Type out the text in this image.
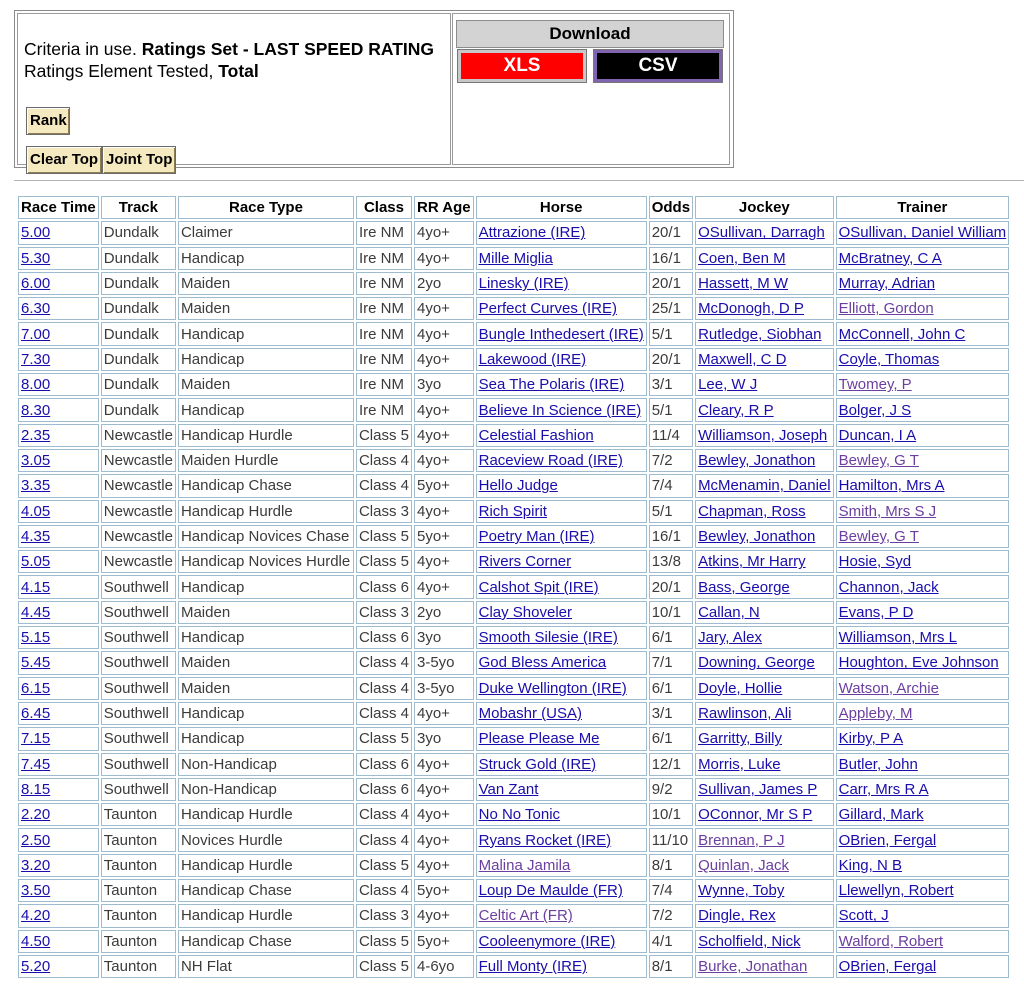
Criteria in use. Ratings Set - LAST SPEED RATING
Ratings Element Tested, Total
Rank
Clear Top Joint Top
Download
XLS	CSV
Race Time	Track	Race Type	Class	RR Age	Horse	Odds	Jockey	Trainer
5.00	Dundalk	Claimer	Ire NM	4yo+	Attrazione (IRE)	20/1	OSullivan, Darragh	OSullivan, Daniel William
5.30	Dundalk	Handicap	Ire NM	4yo+	Mille Miglia	16/1	Coen, Ben M	McBratney, C A
6.00	Dundalk	Maiden	Ire NM	2yo	Linesky (IRE)	20/1	Hassett, M W	Murray, Adrian
6.30	Dundalk	Maiden	Ire NM	4yo+	Perfect Curves (IRE)	25/1	McDonogh, D P	Elliott, Gordon
7.00	Dundalk	Handicap	Ire NM	4yo+	Bungle Inthedesert (IRE)	5/1	Rutledge, Siobhan	McConnell, John C
7.30	Dundalk	Handicap	Ire NM	4yo+	Lakewood (IRE)	20/1	Maxwell, C D	Coyle, Thomas
8.00	Dundalk	Maiden	Ire NM	3yo	Sea The Polaris (IRE)	3/1	Lee, W J	Twomey, P
8.30	Dundalk	Handicap	Ire NM	4yo+	Believe In Science (IRE)	5/1	Cleary, R P	Bolger, J S
2.35	Newcastle	Handicap Hurdle	Class 5	4yo+	Celestial Fashion	11/4	Williamson, Joseph	Duncan, I A
3.05	Newcastle	Maiden Hurdle	Class 4	4yo+	Raceview Road (IRE)	7/2	Bewley, Jonathon	Bewley, G T
3.35	Newcastle	Handicap Chase	Class 4	5yo+	Hello Judge	7/4	McMenamin, Daniel	Hamilton, Mrs A
4.05	Newcastle	Handicap Hurdle	Class 3	4yo+	Rich Spirit	5/1	Chapman, Ross	Smith, Mrs S J
4.35	Newcastle	Handicap Novices Chase	Class 5	5yo+	Poetry Man (IRE)	16/1	Bewley, Jonathon	Bewley, G T
5.05	Newcastle	Handicap Novices Hurdle	Class 5	4yo+	Rivers Corner	13/8	Atkins, Mr Harry	Hosie, Syd
4.15	Southwell	Handicap	Class 6	4yo+	Calshot Spit (IRE)	20/1	Bass, George	Channon, Jack
4.45	Southwell	Maiden	Class 3	2yo	Clay Shoveler	10/1	Callan, N	Evans, P D
5.15	Southwell	Handicap	Class 6	3yo	Smooth Silesie (IRE)	6/1	Jary, Alex	Williamson, Mrs L
5.45	Southwell	Maiden	Class 4	3-5yo	God Bless America	7/1	Downing, George	Houghton, Eve Johnson
6.15	Southwell	Maiden	Class 4	3-5yo	Duke Wellington (IRE)	6/1	Doyle, Hollie	Watson, Archie
6.45	Southwell	Handicap	Class 4	4yo+	Mobashr (USA)	3/1	Rawlinson, Ali	Appleby, M
7.15	Southwell	Handicap	Class 5	3yo	Please Please Me	6/1	Garritty, Billy	Kirby, P A
7.45	Southwell	Non-Handicap	Class 6	4yo+	Struck Gold (IRE)	12/1	Morris, Luke	Butler, John
8.15	Southwell	Non-Handicap	Class 6	4yo+	Van Zant	9/2	Sullivan, James P	Carr, Mrs R A
2.20	Taunton	Handicap Hurdle	Class 4	4yo+	No No Tonic	10/1	OConnor, Mr S P	Gillard, Mark
2.50	Taunton	Novices Hurdle	Class 4	4yo+	Ryans Rocket (IRE)	11/10	Brennan, P J	OBrien, Fergal
3.20	Taunton	Handicap Hurdle	Class 5	4yo+	Malina Jamila	8/1	Quinlan, Jack	King, N B
3.50	Taunton	Handicap Chase	Class 4	5yo+	Loup De Maulde (FR)	7/4	Wynne, Toby	Llewellyn, Robert
4.20	Taunton	Handicap Hurdle	Class 3	4yo+	Celtic Art (FR)	7/2	Dingle, Rex	Scott, J
4.50	Taunton	Handicap Chase	Class 5	5yo+	Cooleenymore (IRE)	4/1	Scholfield, Nick	Walford, Robert
5.20	Taunton	NH Flat	Class 5	4-6yo	Full Monty (IRE)	8/1	Burke, Jonathan	OBrien, Fergal
